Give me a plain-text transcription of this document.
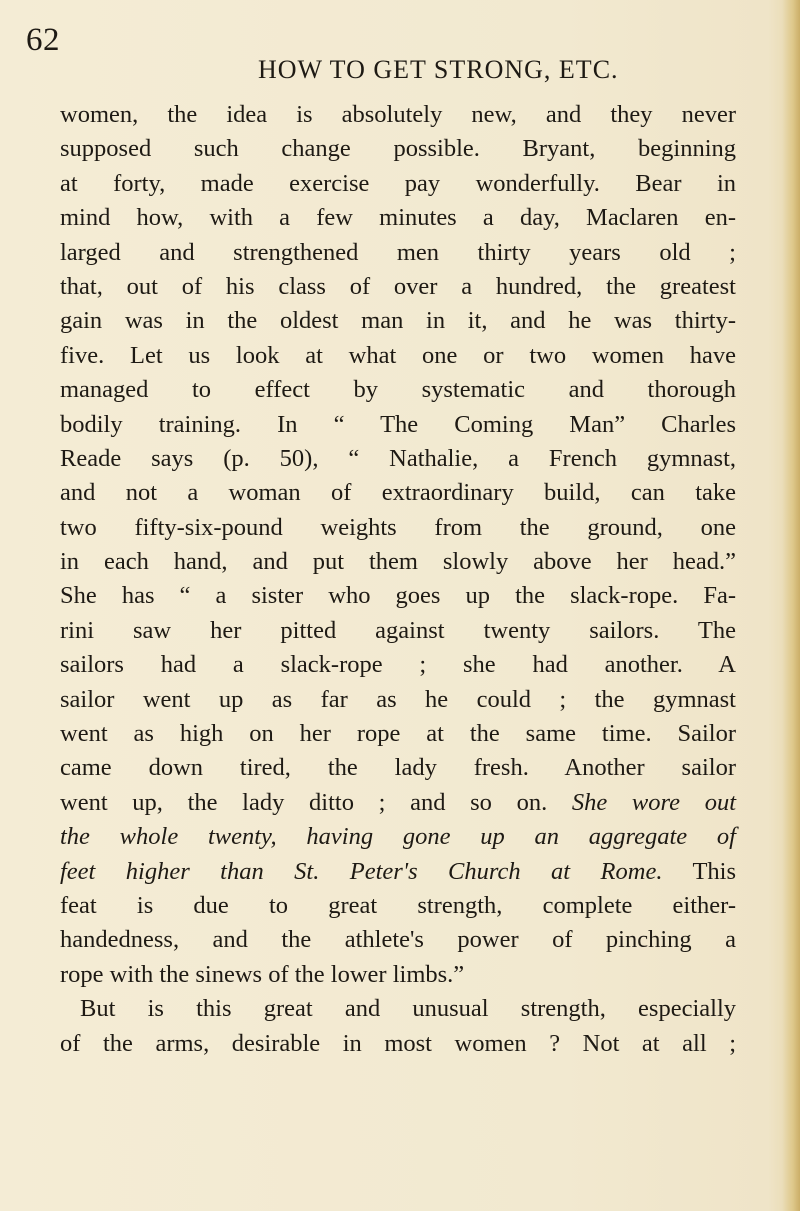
62

HOW TO GET STRONG, ETC.

women, the idea is absolutely new, and they never
supposed such change possible. Bryant, beginning
at forty, made exercise pay wonderfully. Bear in
mind how, with a few minutes a day, Maclaren en-
larged and strengthened men thirty years old ;
that, out of his class of over a hundred, the greatest
gain was in the oldest man in it, and he was thirty-
five. Let us look at what one or two women have
managed to effect by systematic and thorough
bodily training. In “ The Coming Man” Charles
Reade says (p. 50), “ Nathalie, a French gymnast,
and not a woman of extraordinary build, can take
two fifty-six-pound weights from the ground, one
in each hand, and put them slowly above her head.”
She has “ a sister who goes up the slack-rope. Fa-
rini saw her pitted against twenty sailors. The
sailors had a slack-rope ; she had another. A
sailor went up as far as he could ; the gymnast
went as high on her rope at the same time. Sailor
came down tired, the lady fresh. Another sailor
went up, the lady ditto ; and so on. She wore out
the whole twenty, having gone up an aggregate of
feet higher than St. Peter's Church at Rome. This
feat is due to great strength, complete either-
handedness, and the athlete's power of pinching a
rope with the sinews of the lower limbs.”
But is this great and unusual strength, especially
of the arms, desirable in most women ? Not at all ;
